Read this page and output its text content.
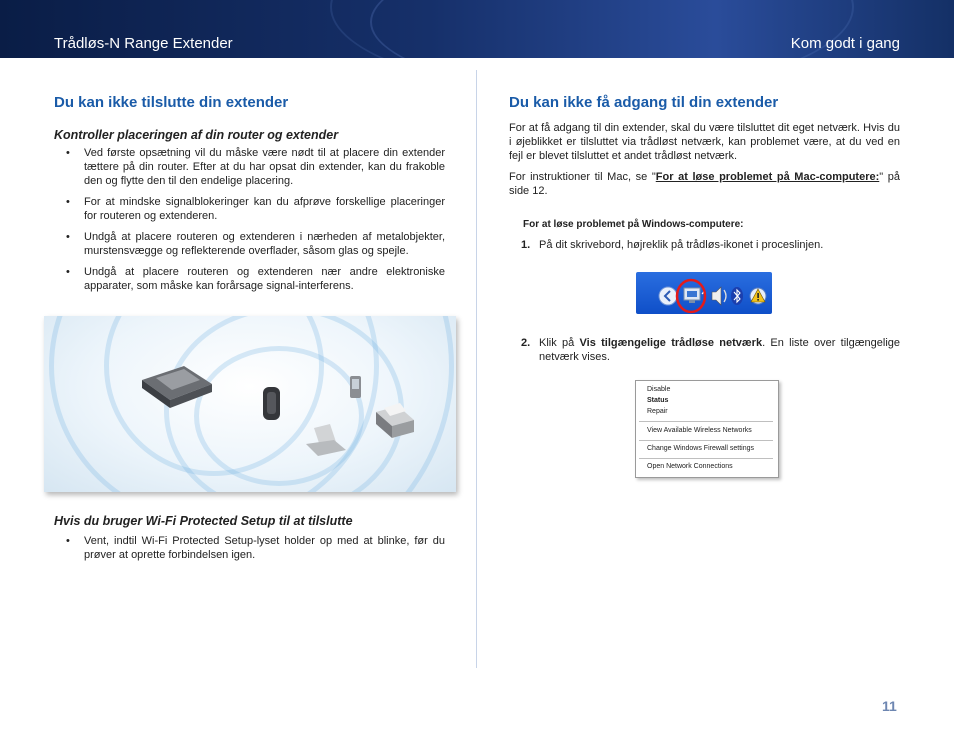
Trådløs-N Range Extender	Kom godt i gang
Du kan ikke tilslutte din extender
Kontroller placeringen af din router og extender
• Ved første opsætning vil du måske være nødt til at placere din extender tættere på din router. Efter at du har opsat din extender, kan du frakoble den og flytte den til den endelige placering.
• For at mindske signalblokeringer kan du afprøve forskellige placeringer for routeren og extenderen.
• Undgå at placere routeren og extenderen i nærheden af metalobjekter, murstensvægge og reflekterende overflader, såsom glas og spejle.
• Undgå at placere routeren og extenderen nær andre elektroniske apparater, som måske kan forårsage signal-interferens.
Hvis du bruger Wi-Fi Protected Setup til at tilslutte
• Vent, indtil Wi-Fi Protected Setup-lyset holder op med at blinke, før du prøver at oprette forbindelsen igen.
Du kan ikke få adgang til din extender

For at få adgang til din extender, skal du være tilsluttet dit eget netværk. Hvis du i øjeblikket er tilsluttet via trådløst netværk, kan problemet være, at du ved en fejl er blevet tilsluttet et andet trådløst netværk.

For instruktioner til Mac, se "For at løse problemet på Mac-computere:" på side 12.

For at løse problemet på Windows-computere:

1. På dit skrivebord, højreklik på trådløs-ikonet i proceslinjen.
2. Klik på Vis tilgængelige trådløse netværk. En liste over tilgængelige netværk vises.
Disable
Status
Repair
View Available Wireless Networks
Change Windows Firewall settings
Open Network Connections
11
